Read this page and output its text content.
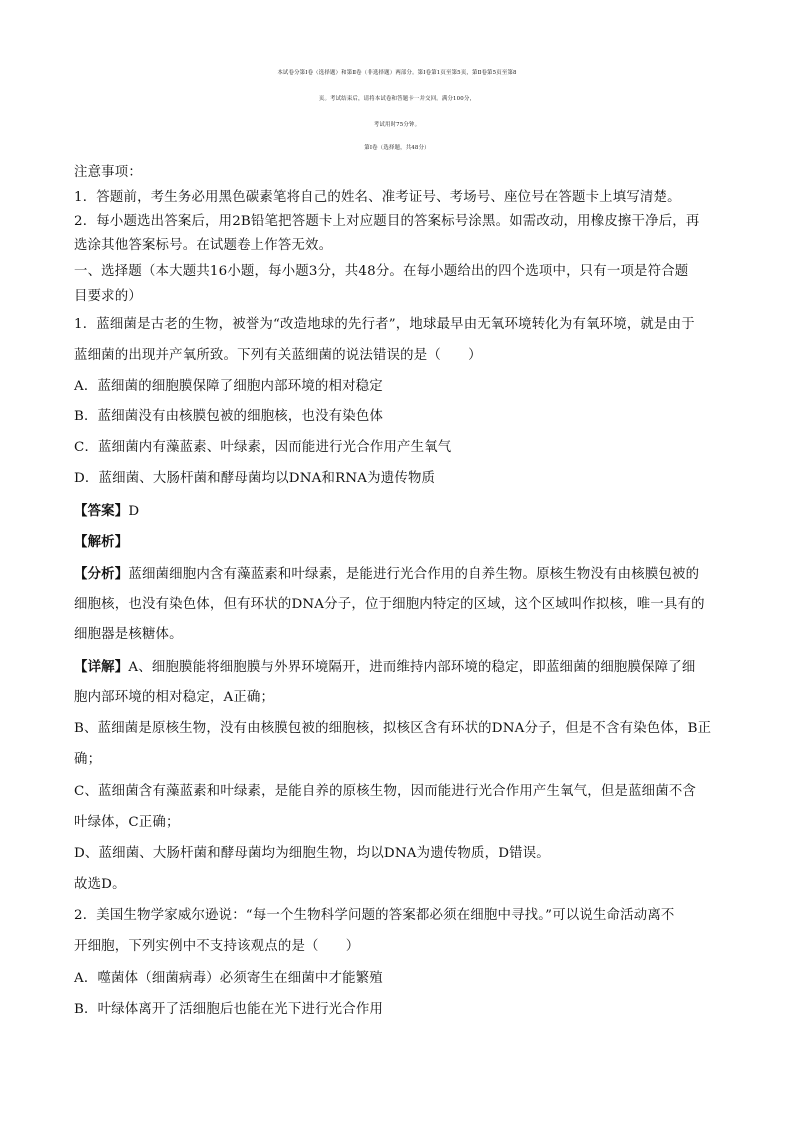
本试卷分第Ⅰ卷（选择题）和第Ⅱ卷（非选择题）两部分。第Ⅰ卷第1页至第5页，第Ⅱ卷第5页至第8
页。考试结束后，请将本试卷和答题卡一并交回。满分100分，
考试用时75分钟。
第Ⅰ卷（选择题，共48分）
注意事项：
1．答题前，考生务必用黑色碳素笔将自己的姓名、准考证号、考场号、座位号在答题卡上填写清楚。
2．每小题选出答案后，用2B铅笔把答题卡上对应题目的答案标号涂黑。如需改动，用橡皮擦干净后，再
选涂其他答案标号。在试题卷上作答无效。
一、选择题（本大题共16小题，每小题3分，共48分。在每小题给出的四个选项中，只有一项是符合题
目要求的）
1．蓝细菌是古老的生物，被誉为“改造地球的先行者”，地球最早由无氧环境转化为有氧环境，就是由于
蓝细菌的出现并产氧所致。下列有关蓝细菌的说法错误的是（　　）
A．蓝细菌的细胞膜保障了细胞内部环境的相对稳定
B．蓝细菌没有由核膜包被的细胞核，也没有染色体
C．蓝细菌内有藻蓝素、叶绿素，因而能进行光合作用产生氧气
D．蓝细菌、大肠杆菌和酵母菌均以DNA和RNA为遗传物质
【答案】D
【解析】
【分析】蓝细菌细胞内含有藻蓝素和叶绿素，是能进行光合作用的自养生物。原核生物没有由核膜包被的
细胞核，也没有染色体，但有环状的DNA分子，位于细胞内特定的区域，这个区域叫作拟核，唯一具有的
细胞器是核糖体。
【详解】A、细胞膜能将细胞膜与外界环境隔开，进而维持内部环境的稳定，即蓝细菌的细胞膜保障了细
胞内部环境的相对稳定，A正确；
B、蓝细菌是原核生物，没有由核膜包被的细胞核，拟核区含有环状的DNA分子，但是不含有染色体，B正
确；
C、蓝细菌含有藻蓝素和叶绿素，是能自养的原核生物，因而能进行光合作用产生氧气，但是蓝细菌不含
叶绿体，C正确；
D、蓝细菌、大肠杆菌和酵母菌均为细胞生物，均以DNA为遗传物质，D错误。
故选D。
2．美国生物学家威尔逊说：“每一个生物科学问题的答案都必须在细胞中寻找。”可以说生命活动离不
开细胞，下列实例中不支持该观点的是（　　）
A．噬菌体（细菌病毒）必须寄生在细菌中才能繁殖
B．叶绿体离开了活细胞后也能在光下进行光合作用
